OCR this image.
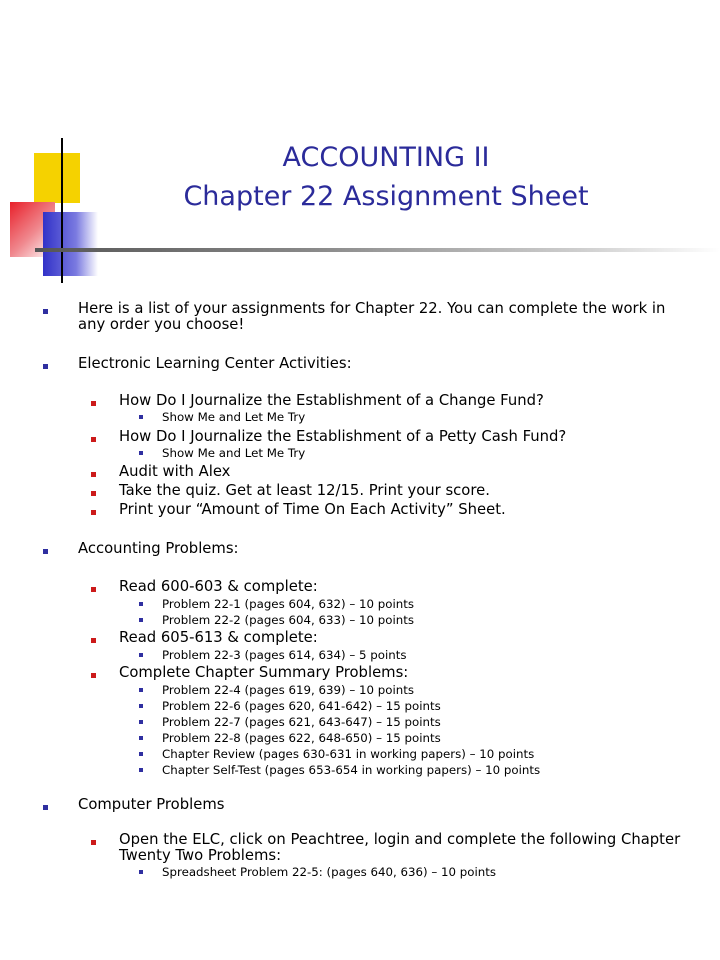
ACCOUNTING II
Chapter 22 Assignment Sheet
Here is a list of your assignments for Chapter 22. You can complete the work in
any order you choose!
Electronic Learning Center Activities:
How Do I Journalize the Establishment of a Change Fund?
Show Me and Let Me Try
How Do I Journalize the Establishment of a Petty Cash Fund?
Show Me and Let Me Try
Audit with Alex
Take the quiz. Get at least 12/15. Print your score.
Print your “Amount of Time On Each Activity” Sheet.
Accounting Problems:
Read 600-603 & complete:
Problem 22-1 (pages 604, 632) – 10 points
Problem 22-2 (pages 604, 633) – 10 points
Read 605-613 & complete:
Problem 22-3 (pages 614, 634) – 5 points
Complete Chapter Summary Problems:
Problem 22-4 (pages 619, 639) – 10 points
Problem 22-6 (pages 620, 641-642) – 15 points
Problem 22-7 (pages 621, 643-647) – 15 points
Problem 22-8 (pages 622, 648-650) – 15 points
Chapter Review (pages 630-631 in working papers) – 10 points
Chapter Self-Test (pages 653-654 in working papers) – 10 points
Computer Problems
Open the ELC, click on Peachtree, login and complete the following Chapter
Twenty Two Problems:
Spreadsheet Problem 22-5: (pages 640, 636) – 10 points
